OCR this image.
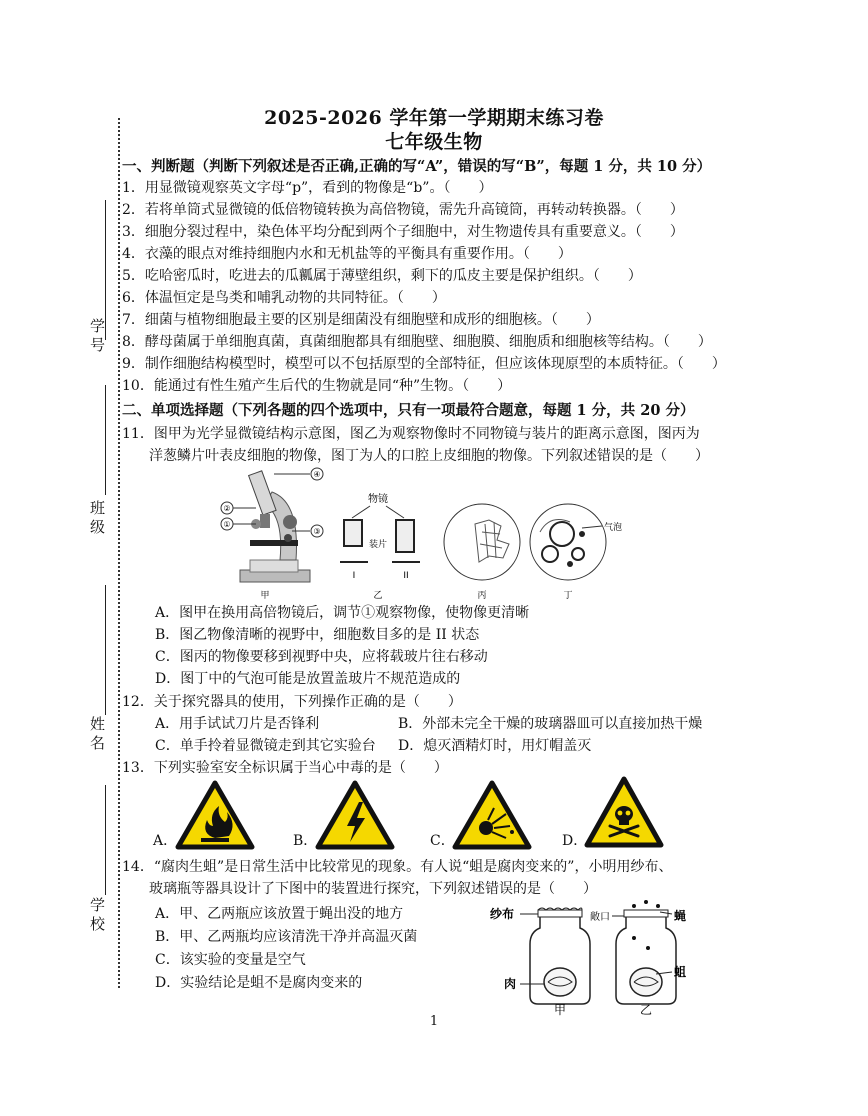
2025-2026 学年第一学期期末练习卷
七年级生物
学号
班级
姓名
学校
一、判断题（判断下列叙述是否正确,正确的写“A”，错误的写“B”，每题 1 分，共 10 分）
1．用显微镜观察英文字母“p”，看到的物像是“b”。（　　）
2．若将单筒式显微镜的低倍物镜转换为高倍物镜，需先升高镜筒，再转动转换器。（　　）
3．细胞分裂过程中，染色体平均分配到两个子细胞中，对生物遗传具有重要意义。（　　）
4．衣藻的眼点对维持细胞内水和无机盐等的平衡具有重要作用。（　　）
5．吃哈密瓜时，吃进去的瓜瓤属于薄壁组织，剩下的瓜皮主要是保护组织。（　　）
6．体温恒定是鸟类和哺乳动物的共同特征。（　　）
7．细菌与植物细胞最主要的区别是细菌没有细胞壁和成形的细胞核。（　　）
8．酵母菌属于单细胞真菌，真菌细胞都具有细胞壁、细胞膜、细胞质和细胞核等结构。（　　）
9．制作细胞结构模型时，模型可以不包括原型的全部特征，但应该体现原型的本质特征。（　　）
10．能通过有性生殖产生后代的生物就是同“种”生物。（　　）
二、单项选择题（下列各题的四个选项中，只有一项最符合题意，每题 1 分，共 20 分）
11．图甲为光学显微镜结构示意图，图乙为观察物像时不同物镜与装片的距离示意图，图丙为
洋葱鳞片叶表皮细胞的物像，图丁为人的口腔上皮细胞的物像。下列叙述错误的是（　　）
④
②
①
③
物镜
装片
I	II
气泡
甲	乙	丙	丁
A．图甲在换用高倍物镜后，调节①观察物像，使物像更清晰
B．图乙物像清晰的视野中，细胞数目多的是 II 状态
C．图丙的物像要移到视野中央，应将载玻片往右移动
D．图丁中的气泡可能是放置盖玻片不规范造成的
12．关于探究器具的使用，下列操作正确的是（　　）
A．用手试试刀片是否锋利	B．外部未完全干燥的玻璃器皿可以直接加热干燥
C．单手拎着显微镜走到其它实验台 D．熄灭酒精灯时，用灯帽盖灭
13．下列实验室安全标识属于当心中毒的是（　　）
A．	B．	C．	D．
14．“腐肉生蛆”是日常生活中比较常见的现象。有人说“蛆是腐肉变来的”，小明用纱布、
玻璃瓶等器具设计了下图中的装置进行探究，下列叙述错误的是（　　）
A．甲、乙两瓶应该放置于蝇出没的地方
B．甲、乙两瓶均应该清洗干净并高温灭菌
C．该实验的变量是空气
D．实验结论是蛆不是腐肉变来的
纱布
肉
甲
敞口	蝇
蛆
乙
1
